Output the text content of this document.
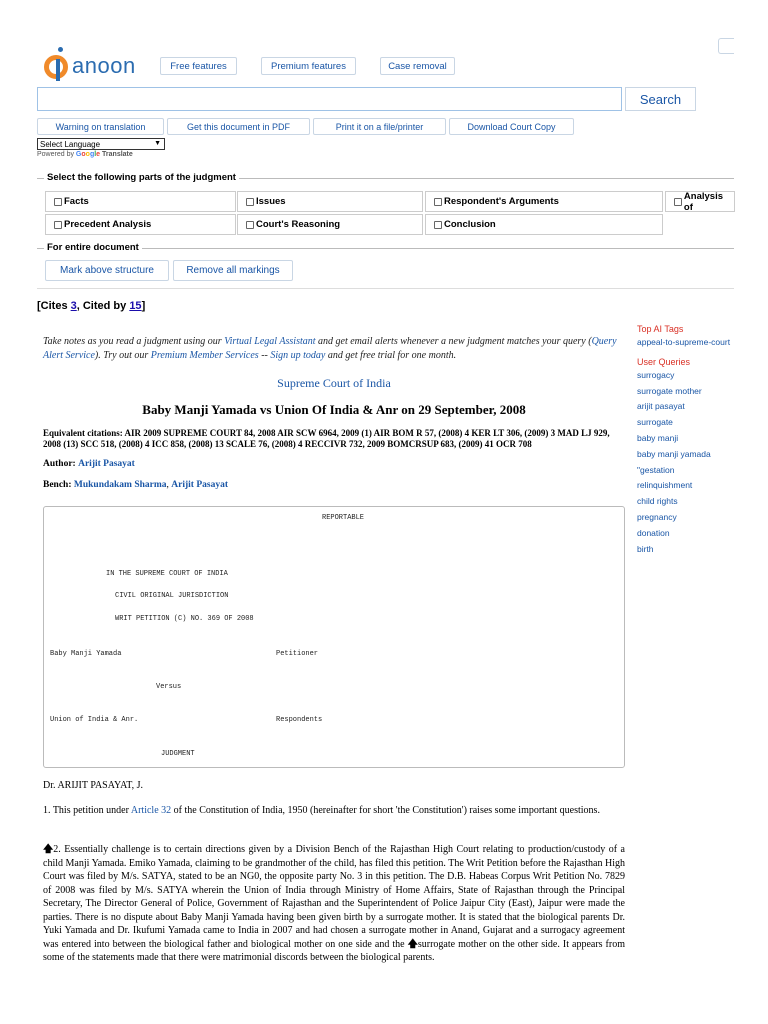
anoon	Free features	Premium features	Case removal
Search
Warning on translation	Get this document in PDF	Print it on a file/printer	Download Court Copy
Select Language	▼
Powered by Google Translate
Select the following parts of the judgment
Facts	Issues	Respondent's Arguments	Analysis of
Precedent Analysis	Court's Reasoning	Conclusion
For entire document
Mark above structure	Remove all markings
[Cites 3, Cited by 15]

Take notes as you read a judgment using our Virtual Legal Assistant and get email alerts whenever a new judgment matches your query (Query Alert Service). Try out our Premium Member Services -- Sign up today and get free trial for one month.

Supreme Court of India
Baby Manji Yamada vs Union Of India & Anr on 29 September, 2008
Equivalent citations: AIR 2009 SUPREME COURT 84, 2008 AIR SCW 6964, 2009 (1) AIR BOM R 57, (2008) 4 KER LT 306, (2009) 3 MAD LJ 929, 2008 (13) SCC 518, (2008) 4 ICC 858, (2008) 13 SCALE 76, (2008) 4 RECCIVR 732, 2009 BOMCRSUP 683, (2009) 41 OCR 708
Author: Arijit Pasayat
Bench: Mukundakam Sharma, Arijit Pasayat
REPORTABLE
IN THE SUPREME COURT OF INDIA
CIVIL ORIGINAL JURISDICTION
WRIT PETITION (C) NO. 369 OF 2008
Baby Manji Yamada	Petitioner
Versus
Union of India & Anr.	Respondents
JUDGMENT
Dr. ARIJIT PASAYAT, J.
1. This petition under Article 32 of the Constitution of India, 1950 (hereinafter for short 'the Constitution') raises some important questions.
🡅2. Essentially challenge is to certain directions given by a Division Bench of the Rajasthan High Court relating to production/custody of a child Manji Yamada. Emiko Yamada, claiming to be grandmother of the child, has filed this petition. The Writ Petition before the Rajasthan High Court was filed by M/s. SATYA, stated to be an NG0, the opposite party No. 3 in this petition. The D.B. Habeas Corpus Writ Petition No. 7829 of 2008 was filed by M/s. SATYA wherein the Union of India through Ministry of Home Affairs, State of Rajasthan through the Principal Secretary, The Director General of Police, Government of Rajasthan and the Superintendent of Police Jaipur City (East), Jaipur were made the parties. There is no dispute about Baby Manji Yamada having been given birth by a surrogate mother. It is stated that the biological parents Dr. Yuki Yamada and Dr. Ikufumi Yamada came to India in 2007 and had chosen a surrogate mother in Anand, Gujarat and a surrogacy agreement was entered into between the biological father and biological mother on one side and the 🡅surrogate mother on the other side. It appears from some of the statements made that there were matrimonial discords between the biological parents.
Top AI Tags
appeal-to-supreme-court
User Queries
surrogacy
surrogate mother
arijit pasayat
surrogate
baby manji
baby manji yamada
"gestation
relinquishment
child rights
pregnancy
donation
birth
